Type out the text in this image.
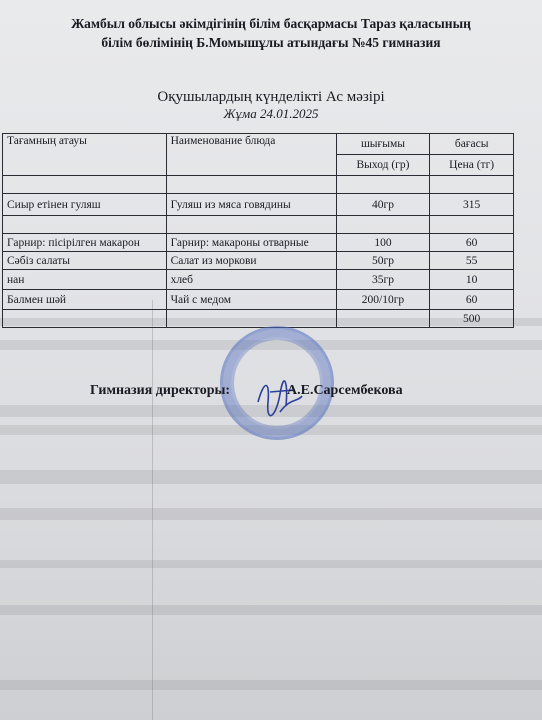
Жамбыл облысы әкімдігінің білім басқармасы Тараз қаласының
білім бөлімінің Б.Момышұлы атындағы №45 гимназия
Оқушылардың күнделікті Ас мәзірі
Жұма 24.01.2025
Тағамның атауы	Наименование блюда	шығымы	бағасы
		Выход (гр)	Цена (тг)

Сиыр етінен гуляш	Гуляш из мяса говядины	40гр	315

Гарнир: пісірілген макарон	Гарнир: макароны отварные	100	60
Сәбіз салаты	Салат из моркови	50гр	55
нан	хлеб	35гр	10
Балмен шәй	Чай с медом	200/10гр	60
			500
Гимназия директоры:	А.Е.Сарсембекова
